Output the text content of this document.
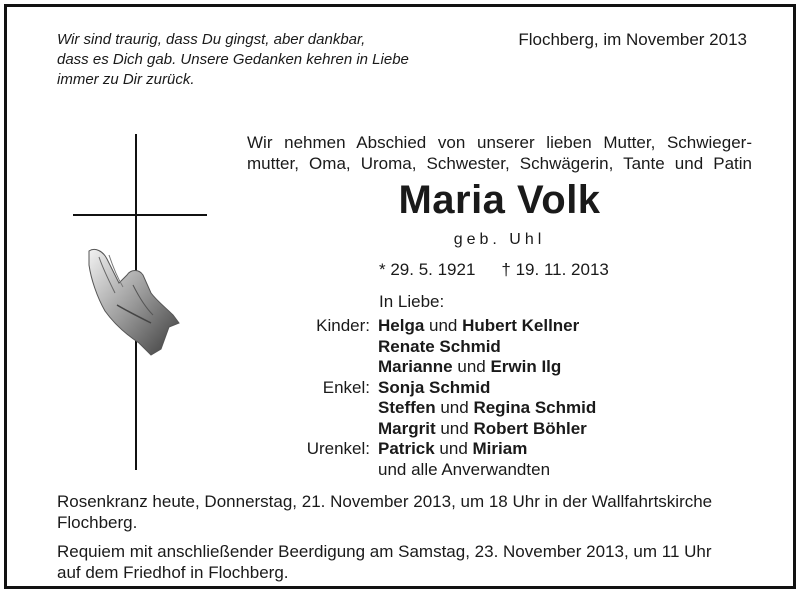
Wir sind traurig, dass Du gingst, aber dankbar,
dass es Dich gab. Unsere Gedanken kehren in Liebe
immer zu Dir zurück.
Flochberg, im November 2013
Wir nehmen Abschied von unserer lieben Mutter, Schwieger-
mutter, Oma, Uroma, Schwester, Schwägerin, Tante und Patin
Maria Volk
geb. Uhl
* 29. 5. 1921 † 19. 11. 2013
In Liebe:
Kinder: Helga und Hubert Kellner
Renate Schmid
Marianne und Erwin Ilg
Enkel: Sonja Schmid
Steffen und Regina Schmid
Margrit und Robert Böhler
Urenkel: Patrick und Miriam
und alle Anverwandten
Rosenkranz heute, Donnerstag, 21. November 2013, um 18 Uhr in der Wallfahrtskirche
Flochberg.
Requiem mit anschließender Beerdigung am Samstag, 23. November 2013, um 11 Uhr
auf dem Friedhof in Flochberg.
